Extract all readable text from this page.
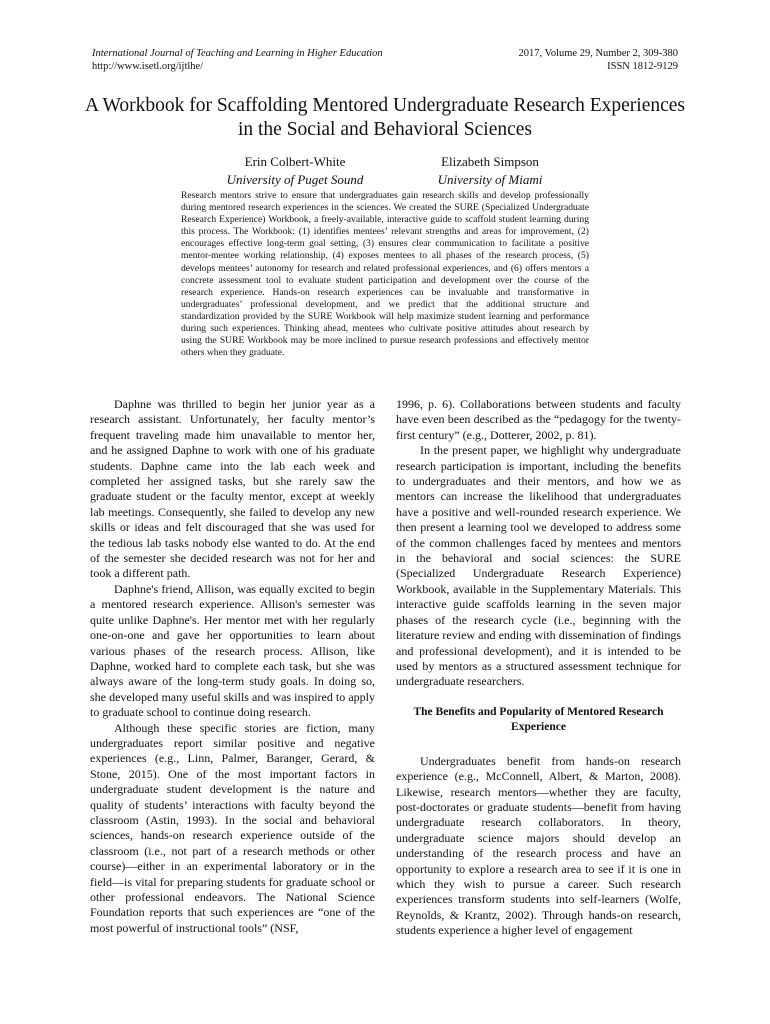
International Journal of Teaching and Learning in Higher Education
http://www.isetl.org/ijtlhe/
2017, Volume 29, Number 2, 309-380
ISSN 1812-9129
A Workbook for Scaffolding Mentored Undergraduate Research Experiences in the Social and Behavioral Sciences
Erin Colbert-White
University of Puget Sound
Elizabeth Simpson
University of Miami
Research mentors strive to ensure that undergraduates gain research skills and develop professionally during mentored research experiences in the sciences. We created the SURE (Specialized Undergraduate Research Experience) Workbook, a freely-available, interactive guide to scaffold student learning during this process. The Workbook: (1) identifies mentees’ relevant strengths and areas for improvement, (2) encourages effective long-term goal setting, (3) ensures clear communication to facilitate a positive mentor-mentee working relationship, (4) exposes mentees to all phases of the research process, (5) develops mentees’ autonomy for research and related professional experiences, and (6) offers mentors a concrete assessment tool to evaluate student participation and development over the course of the research experience. Hands-on research experiences can be invaluable and transformative in undergraduates’ professional development, and we predict that the additional structure and standardization provided by the SURE Workbook will help maximize student learning and performance during such experiences. Thinking ahead, mentees who cultivate positive attitudes about research by using the SURE Workbook may be more inclined to pursue research professions and effectively mentor others when they graduate.

Daphne was thrilled to begin her junior year as a research assistant. Unfortunately, her faculty mentor’s frequent traveling made him unavailable to mentor her, and he assigned Daphne to work with one of his graduate students. Daphne came into the lab each week and completed her assigned tasks, but she rarely saw the graduate student or the faculty mentor, except at weekly lab meetings. Consequently, she failed to develop any new skills or ideas and felt discouraged that she was used for the tedious lab tasks nobody else wanted to do. At the end of the semester she decided research was not for her and took a different path.

Daphne's friend, Allison, was equally excited to begin a mentored research experience. Allison's semester was quite unlike Daphne's. Her mentor met with her regularly one-on-one and gave her opportunities to learn about various phases of the research process. Allison, like Daphne, worked hard to complete each task, but she was always aware of the long-term study goals. In doing so, she developed many useful skills and was inspired to apply to graduate school to continue doing research.

Although these specific stories are fiction, many undergraduates report similar positive and negative experiences (e.g., Linn, Palmer, Baranger, Gerard, & Stone, 2015). One of the most important factors in undergraduate student development is the nature and quality of students’ interactions with faculty beyond the classroom (Astin, 1993). In the social and behavioral sciences, hands-on research experience outside of the classroom (i.e., not part of a research methods or other course)—either in an experimental laboratory or in the field—is vital for preparing students for graduate school or other professional endeavors. The National Science Foundation reports that such experiences are “one of the most powerful of instructional tools” (NSF,

1996, p. 6). Collaborations between students and faculty have even been described as the “pedagogy for the twenty-first century” (e.g., Dotterer, 2002, p. 81).

In the present paper, we highlight why undergraduate research participation is important, including the benefits to undergraduates and their mentors, and how we as mentors can increase the likelihood that undergraduates have a positive and well-rounded research experience. We then present a learning tool we developed to address some of the common challenges faced by mentees and mentors in the behavioral and social sciences: the SURE (Specialized Undergraduate Research Experience) Workbook, available in the Supplementary Materials. This interactive guide scaffolds learning in the seven major phases of the research cycle (i.e., beginning with the literature review and ending with dissemination of findings and professional development), and it is intended to be used by mentors as a structured assessment technique for undergraduate researchers.

The Benefits and Popularity of Mentored Research Experience

Undergraduates benefit from hands-on research experience (e.g., McConnell, Albert, & Marton, 2008). Likewise, research mentors—whether they are faculty, post-doctorates or graduate students—benefit from having undergraduate research collaborators. In theory, undergraduate science majors should develop an understanding of the research process and have an opportunity to explore a research area to see if it is one in which they wish to pursue a career. Such research experiences transform students into self-learners (Wolfe, Reynolds, & Krantz, 2002). Through hands-on research, students experience a higher level of engagement
